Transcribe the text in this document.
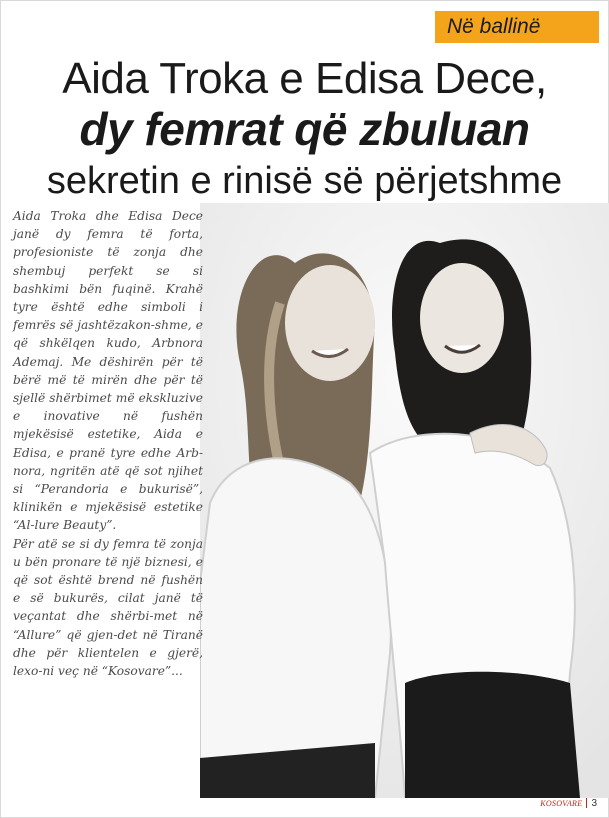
Në ballinë
Aida Troka e Edisa Dece,
dy femrat që zbuluan
sekretin e rinisë së përjetshme

Aida Troka dhe Edisa Dece janë dy femra të forta, profesioniste të zonja dhe shembuj perfekt se si bashkimi bën fuqinë. Krahë tyre është edhe simboli i femrës së jashtëzakon-shme, e që shkëlqen kudo, Arbnora Ademaj. Me dëshirën për të bërë më të mirën dhe për të sjellë shërbimet më ekskluzive e inovative në fushën mjekësisë estetike, Aida e Edisa, e pranë tyre edhe Arb-nora, ngritën atë që sot njihet si “Perandoria e bukurisë”, klinikën e mjekësisë estetike “Al-lure Beauty”.

Për atë se si dy femra të zonja u bën pronare të një biznesi, e që sot është brend në fushën e së bukurës, cilat janë të veçantat dhe shërbi-met në “Allure” që gjen-det në Tiranë dhe për klientelen e gjerë, lexo-ni veç në “Kosovare”...

KOSOVARE 3
